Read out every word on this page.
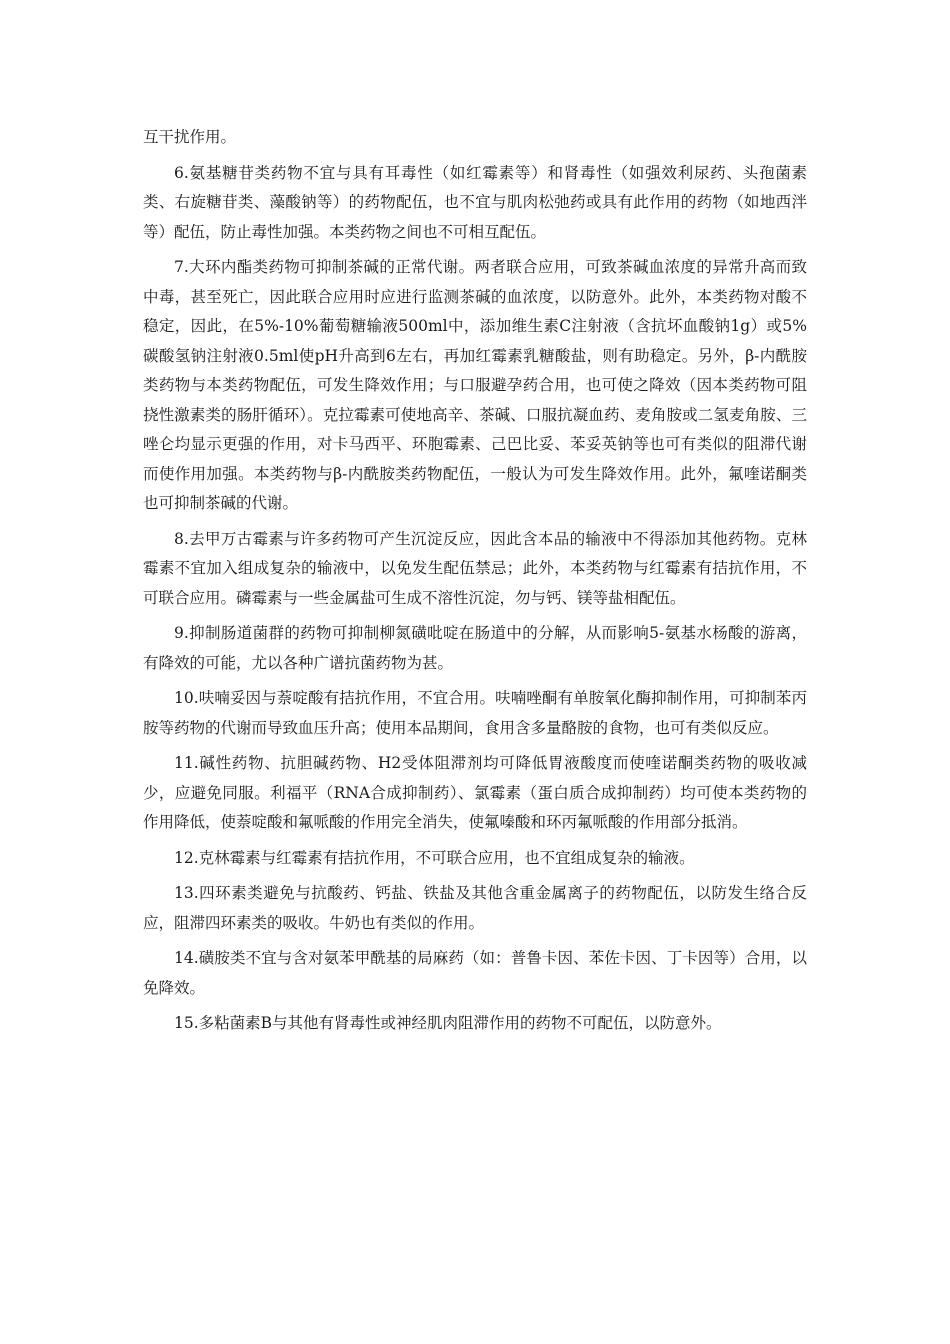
互干扰作用。

6.氨基糖苷类药物不宜与具有耳毒性（如红霉素等）和肾毒性（如强效利尿药、头孢菌素类、右旋糖苷类、藻酸钠等）的药物配伍，也不宜与肌肉松弛药或具有此作用的药物（如地西泮等）配伍，防止毒性加强。本类药物之间也不可相互配伍。

7.大环内酯类药物可抑制茶碱的正常代谢。两者联合应用，可致茶碱血浓度的异常升高而致中毒，甚至死亡，因此联合应用时应进行监测茶碱的血浓度，以防意外。此外，本类药物对酸不稳定，因此，在5%-10%葡萄糖输液500ml中，添加维生素C注射液（含抗坏血酸钠1g）或5%碳酸氢钠注射液0.5ml使pH升高到6左右，再加红霉素乳糖酸盐，则有助稳定。另外，β-内酰胺类药物与本类药物配伍，可发生降效作用；与口服避孕药合用，也可使之降效（因本类药物可阻挠性激素类的肠肝循环）。克拉霉素可使地高辛、茶碱、口服抗凝血药、麦角胺或二氢麦角胺、三唑仑均显示更强的作用，对卡马西平、环胞霉素、己巴比妥、苯妥英钠等也可有类似的阻滞代谢而使作用加强。本类药物与β-内酰胺类药物配伍，一般认为可发生降效作用。此外，氟喹诺酮类也可抑制茶碱的代谢。

8.去甲万古霉素与许多药物可产生沉淀反应，因此含本品的输液中不得添加其他药物。克林霉素不宜加入组成复杂的输液中，以免发生配伍禁忌；此外，本类药物与红霉素有拮抗作用，不可联合应用。磷霉素与一些金属盐可生成不溶性沉淀，勿与钙、镁等盐相配伍。

9.抑制肠道菌群的药物可抑制柳氮磺吡啶在肠道中的分解，从而影响5-氨基水杨酸的游离，有降效的可能，尤以各种广谱抗菌药物为甚。

10.呋喃妥因与萘啶酸有拮抗作用，不宜合用。呋喃唑酮有单胺氧化酶抑制作用，可抑制苯丙胺等药物的代谢而导致血压升高；使用本品期间，食用含多量酪胺的食物，也可有类似反应。

11.碱性药物、抗胆碱药物、H2受体阻滞剂均可降低胃液酸度而使喹诺酮类药物的吸收减少，应避免同服。利福平（RNA合成抑制药）、氯霉素（蛋白质合成抑制药）均可使本类药物的作用降低，使萘啶酸和氟哌酸的作用完全消失，使氟嗪酸和环丙氟哌酸的作用部分抵消。

12.克林霉素与红霉素有拮抗作用，不可联合应用，也不宜组成复杂的输液。

13.四环素类避免与抗酸药、钙盐、铁盐及其他含重金属离子的药物配伍，以防发生络合反应，阻滞四环素类的吸收。牛奶也有类似的作用。

14.磺胺类不宜与含对氨苯甲酰基的局麻药（如：普鲁卡因、苯佐卡因、丁卡因等）合用，以免降效。

15.多粘菌素B与其他有肾毒性或神经肌肉阻滞作用的药物不可配伍，以防意外。
